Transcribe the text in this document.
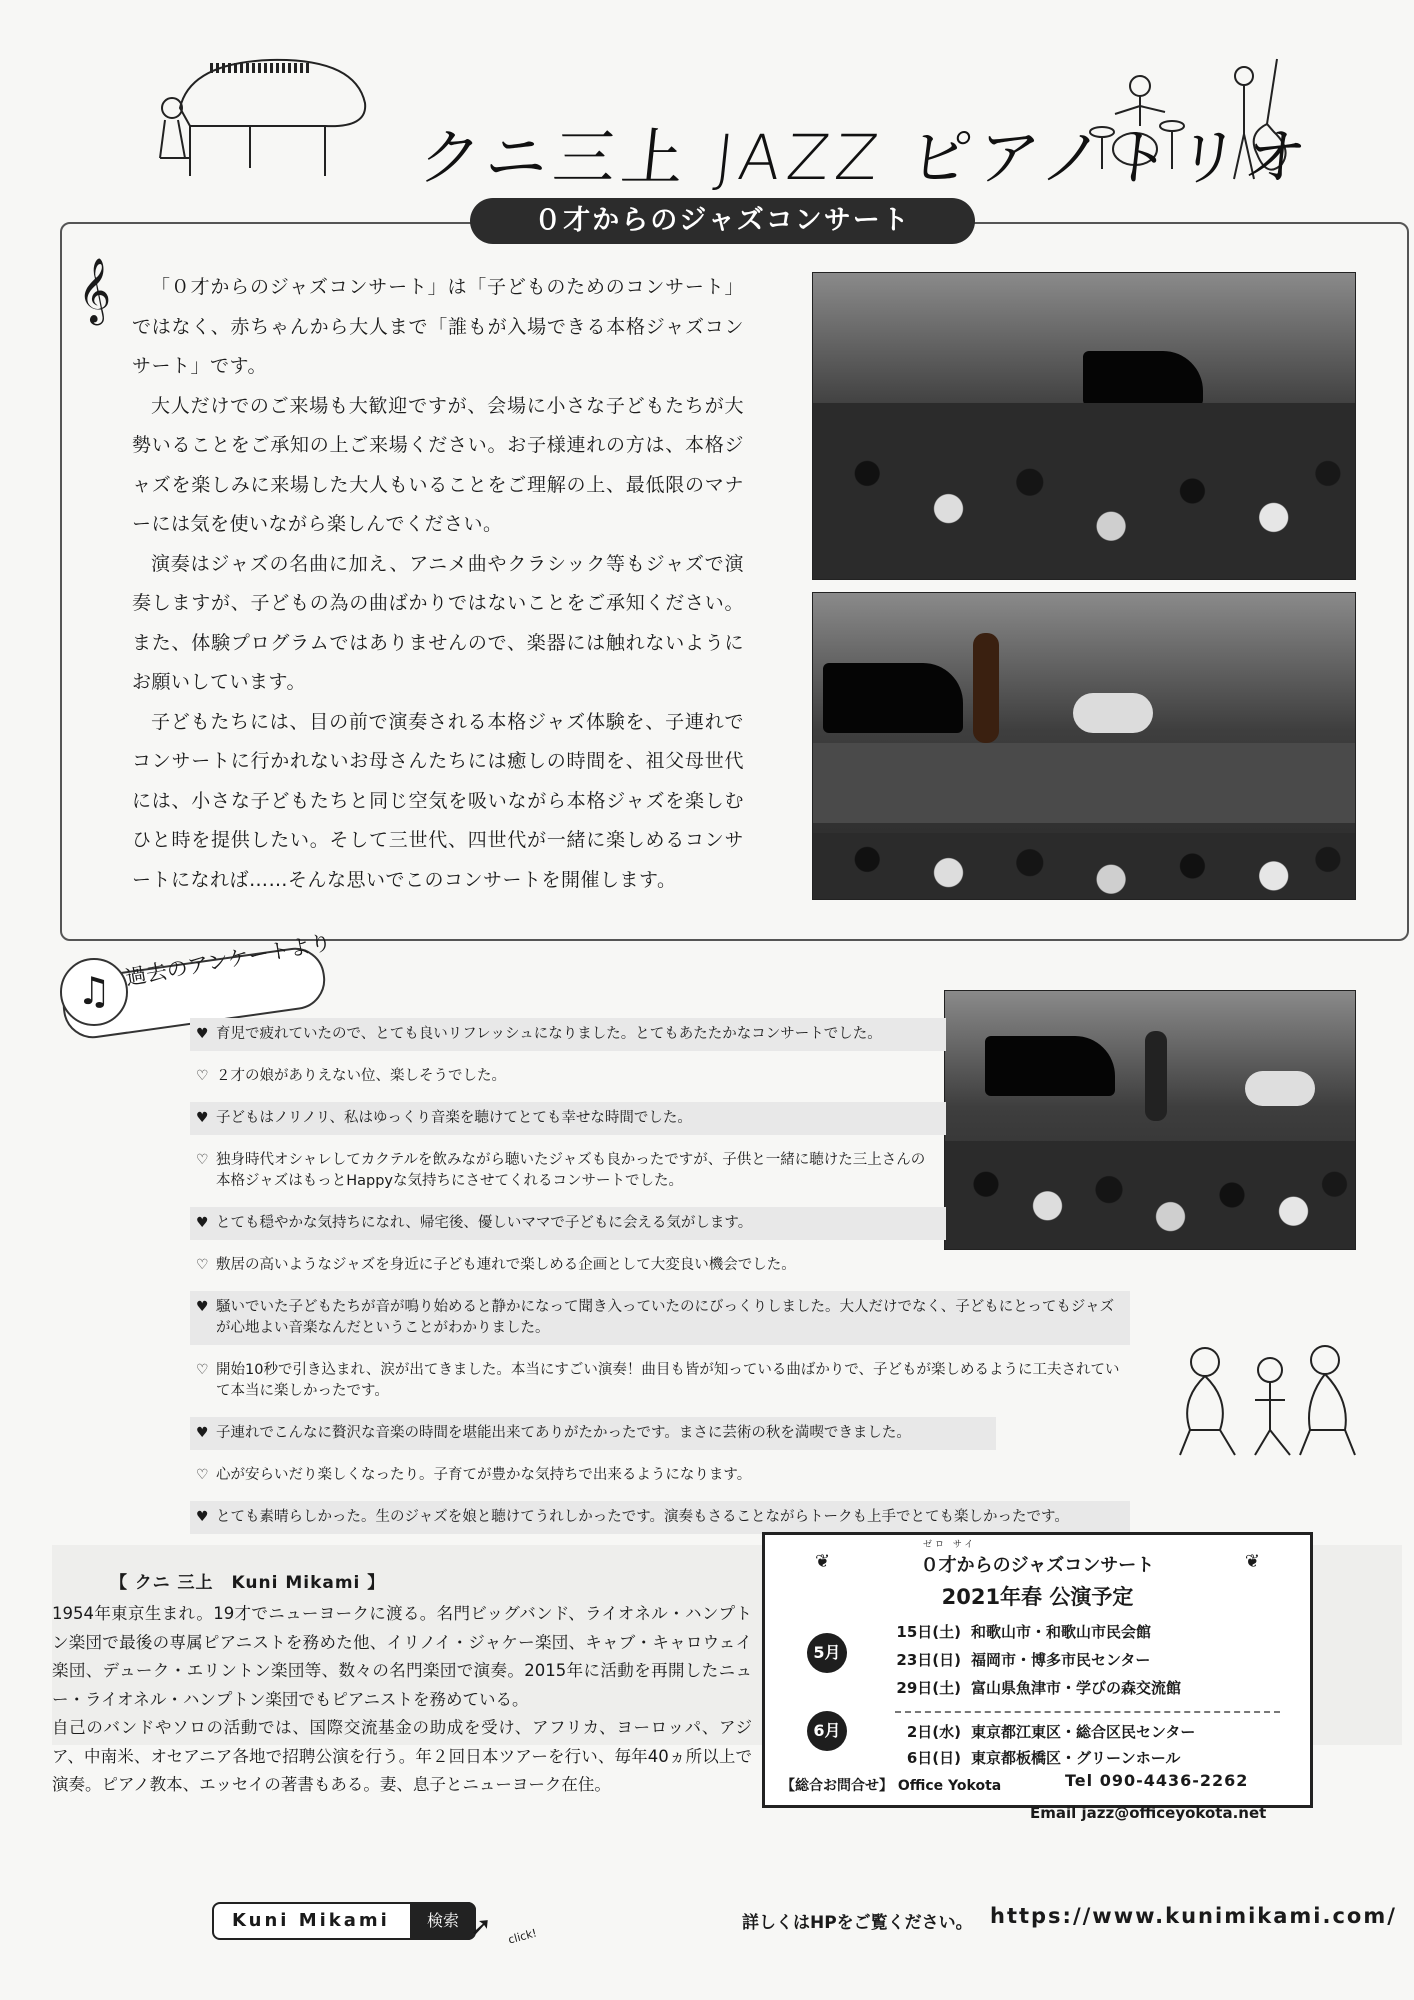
クニ三上 JAZZ ピアノトリオ
０才からのジャズコンサート
𝄞	「０才からのジャズコンサート」は「子どものためのコンサート」ではなく、赤ちゃんから大人まで「誰もが入場できる本格ジャズコンサート」です。

大人だけでのご来場も大歓迎ですが、会場に小さな子どもたちが大勢いることをご承知の上ご来場ください。お子様連れの方は、本格ジャズを楽しみに来場した大人もいることをご理解の上、最低限のマナーには気を使いながら楽しんでください。

演奏はジャズの名曲に加え、アニメ曲やクラシック等もジャズで演奏しますが、子どもの為の曲ばかりではないことをご承知ください。また、体験プログラムではありませんので、楽器には触れないようにお願いしています。

子どもたちには、目の前で演奏される本格ジャズ体験を、子連れでコンサートに行かれないお母さんたちには癒しの時間を、祖父母世代には、小さな子どもたちと同じ空気を吸いながら本格ジャズを楽しむひと時を提供したい。そして三世代、四世代が一緒に楽しめるコンサートになれば……そんな思いでこのコンサートを開催します。

♫
過去のアンケートより
♥ 育児で疲れていたので、とても良いリフレッシュになりました。とてもあたたかなコンサートでした。
♡ ２才の娘がありえない位、楽しそうでした。
♥ 子どもはノリノリ、私はゆっくり音楽を聴けてとても幸せな時間でした。
♡ 独身時代オシャレしてカクテルを飲みながら聴いたジャズも良かったですが、子供と一緒に聴けた三上さんの本格ジャズはもっとHappyな気持ちにさせてくれるコンサートでした。
♥ とても穏やかな気持ちになれ、帰宅後、優しいママで子どもに会える気がします。
♡ 敷居の高いようなジャズを身近に子ども連れで楽しめる企画として大変良い機会でした。
♥ 騒いでいた子どもたちが音が鳴り始めると静かになって聞き入っていたのにびっくりしました。大人だけでなく、子どもにとってもジャズが心地よい音楽なんだということがわかりました。
♡ 開始10秒で引き込まれ、涙が出てきました。本当にすごい演奏！曲目も皆が知っている曲ばかりで、子どもが楽しめるように工夫されていて本当に楽しかったです。
♥ 子連れでこんなに贅沢な音楽の時間を堪能出来てありがたかったです。まさに芸術の秋を満喫できました。
♡ 心が安らいだり楽しくなったり。子育てが豊かな気持ちで出来るようになります。
♥ とても素晴らしかった。生のジャズを娘と聴けてうれしかったです。演奏もさることながらトークも上手でとても楽しかったです。
【 クニ 三上　Kuni Mikami 】

1954年東京生まれ。19才でニューヨークに渡る。名門ビッグバンド、ライオネル・ハンプトン楽団で最後の専属ピアニストを務めた他、イリノイ・ジャケー楽団、キャブ・キャロウェイ楽団、デューク・エリントン楽団等、数々の名門楽団で演奏。2015年に活動を再開したニュー・ライオネル・ハンプトン楽団でもピアニストを務めている。

自己のバンドやソロの活動では、国際交流基金の助成を受け、アフリカ、ヨーロッパ、アジア、中南米、オセアニア各地で招聘公演を行う。年２回日本ツアーを行い、毎年40ヵ所以上で演奏。ピアノ教本、エッセイの著書もある。妻、息子とニューヨーク在住。

ゼロ サイ
０才からのジャズコンサート
❦	❦
2021年春 公演予定
5月
15日(土) 和歌山市・和歌山市民会館
23日(日) 福岡市・博多市民センター
29日(土) 富山県魚津市・学びの森交流館
6月	2日(水) 東京都江東区・総合区民センター
6日(日) 東京都板橋区・グリーンホール
【総合お問合せ】 Office Yokota	Tel 090-4436-2262
Email jazz@officeyokota.net
Kuni Mikami	検索 ➚ click!
詳しくはHPをご覧ください。 https://www.kunimikami.com/
